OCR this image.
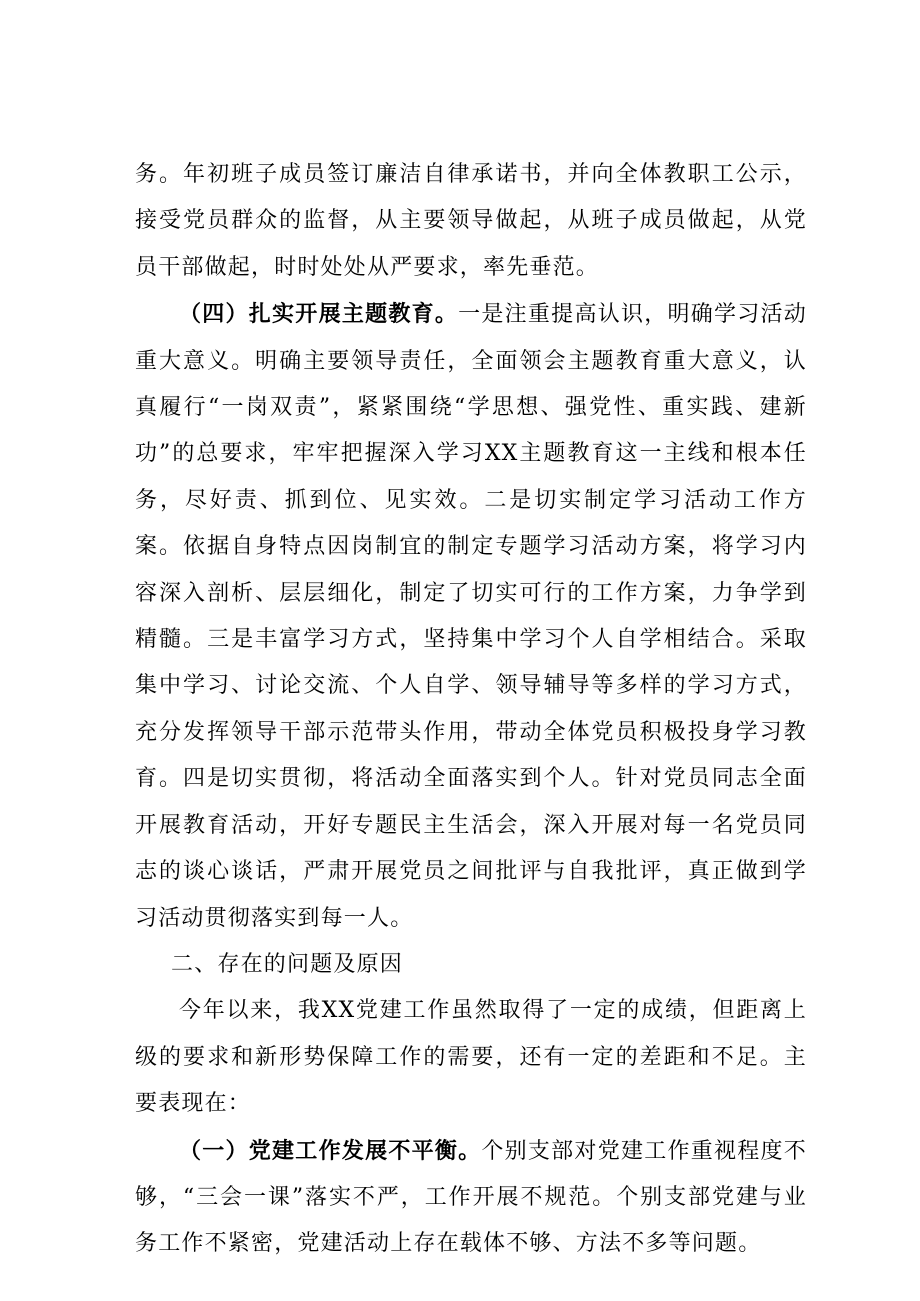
务。年初班子成员签订廉洁自律承诺书，并向全体教职工公示，接受党员群众的监督，从主要领导做起，从班子成员做起，从党员干部做起，时时处处从严要求，率先垂范。

（四）扎实开展主题教育。一是注重提高认识，明确学习活动重大意义。明确主要领导责任，全面领会主题教育重大意义，认真履行“一岗双责”，紧紧围绕“学思想、强党性、重实践、建新功”的总要求，牢牢把握深入学习XX主题教育这一主线和根本任务，尽好责、抓到位、见实效。二是切实制定学习活动工作方案。依据自身特点因岗制宜的制定专题学习活动方案，将学习内容深入剖析、层层细化，制定了切实可行的工作方案，力争学到精髓。三是丰富学习方式，坚持集中学习个人自学相结合。采取集中学习、讨论交流、个人自学、领导辅导等多样的学习方式，充分发挥领导干部示范带头作用，带动全体党员积极投身学习教育。四是切实贯彻，将活动全面落实到个人。针对党员同志全面开展教育活动，开好专题民主生活会，深入开展对每一名党员同志的谈心谈话，严肃开展党员之间批评与自我批评，真正做到学习活动贯彻落实到每一人。

二、存在的问题及原因

今年以来，我XX党建工作虽然取得了一定的成绩，但距离上级的要求和新形势保障工作的需要，还有一定的差距和不足。主要表现在：

（一）党建工作发展不平衡。个别支部对党建工作重视程度不够，“三会一课”落实不严，工作开展不规范。个别支部党建与业务工作不紧密，党建活动上存在载体不够、方法不多等问题。
